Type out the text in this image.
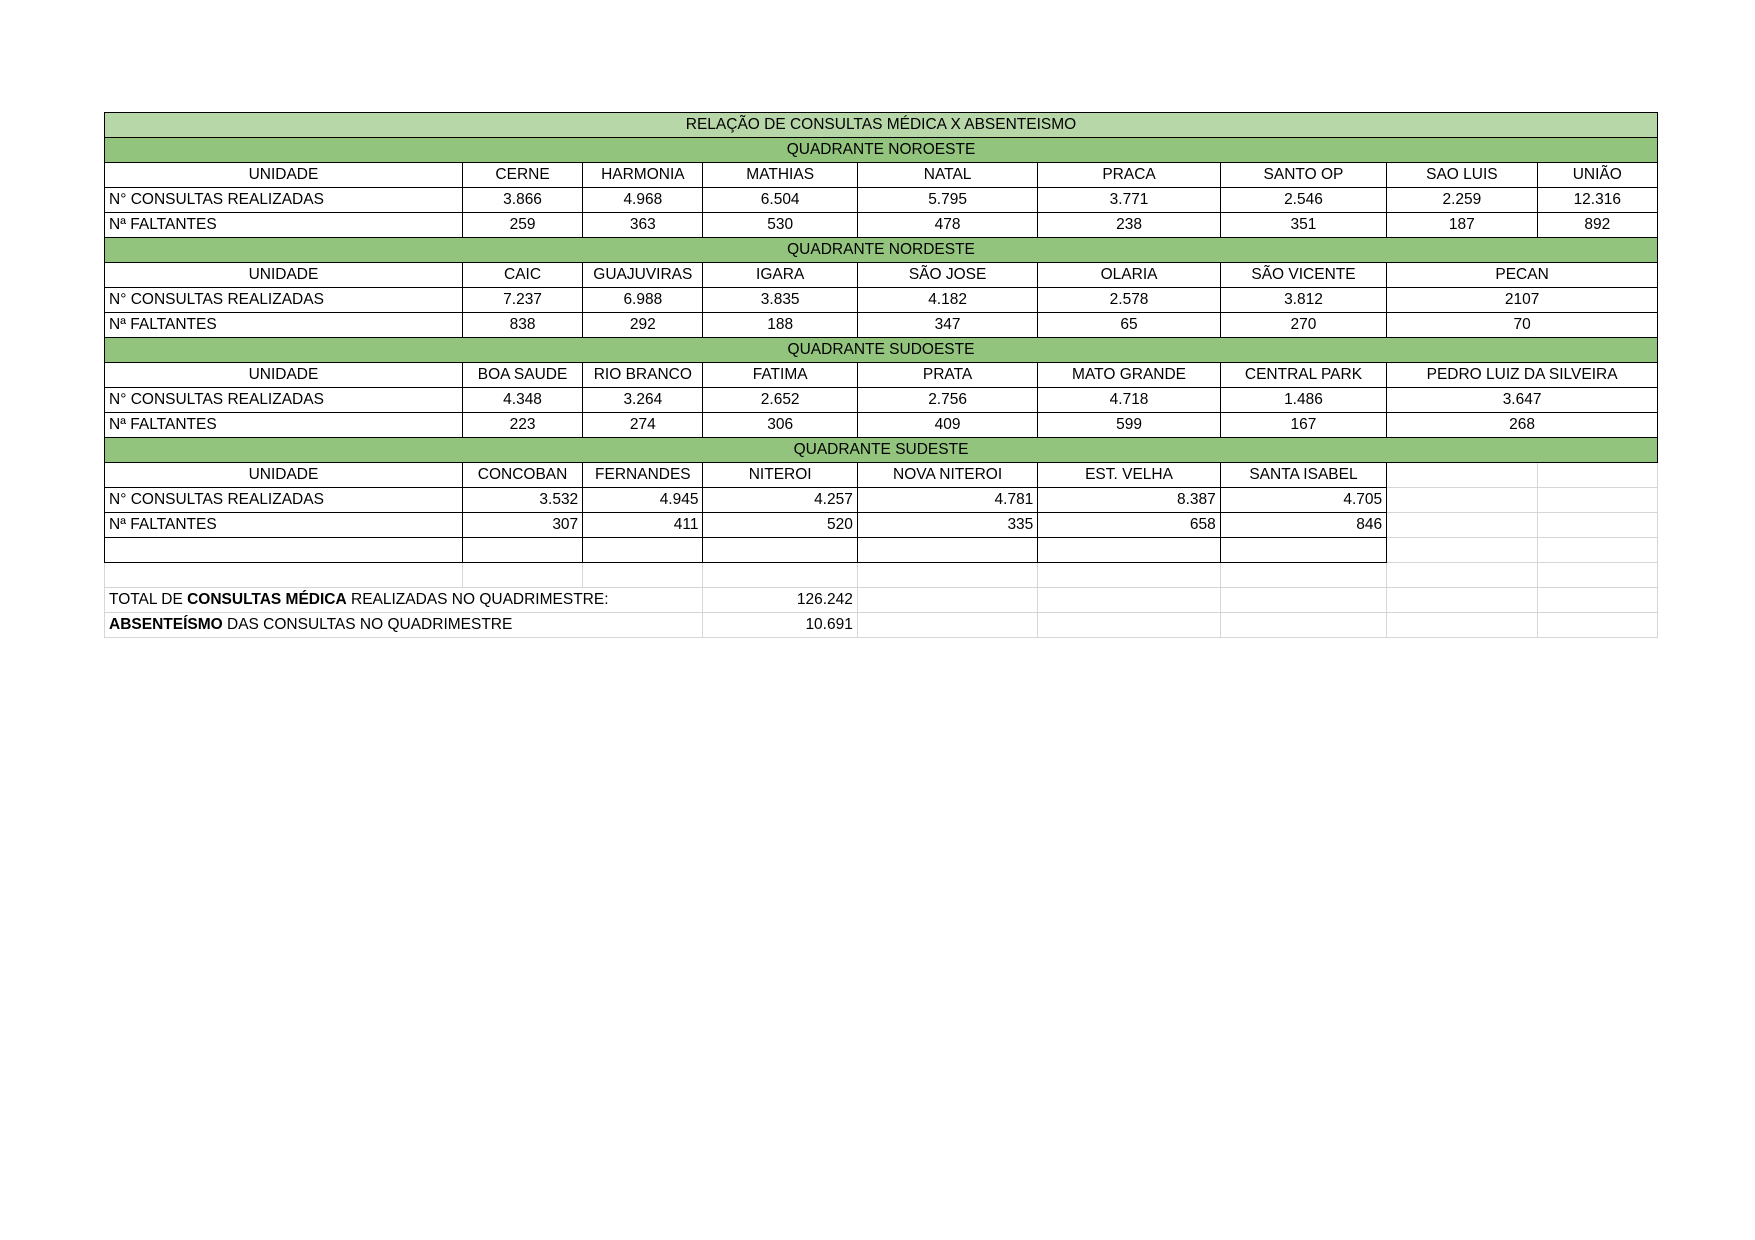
RELAÇÃO DE CONSULTAS MÉDICA X ABSENTEISMO								
QUADRANTE NOROESTE								
UNIDADE	CERNE	HARMONIA	MATHIAS	NATAL	PRACA	SANTO OP	SAO LUIS	UNIÃO
N° CONSULTAS REALIZADAS	3.866	4.968	6.504	5.795	3.771	2.546	2.259	12.316
Nª FALTANTES	259	363	530	478	238	351	187	892
QUADRANTE NORDESTE								
UNIDADE	CAIC	GUAJUVIRAS	IGARA	SÃO JOSE	OLARIA	SÃO VICENTE	PECAN	
N° CONSULTAS REALIZADAS	7.237	6.988	3.835	4.182	2.578	3.812	2107	
Nª FALTANTES	838	292	188	347	65	270	70	
QUADRANTE SUDOESTE								
UNIDADE	BOA SAUDE	RIO BRANCO	FATIMA	PRATA	MATO GRANDE	CENTRAL PARK	PEDRO LUIZ DA SILVEIRA	
N° CONSULTAS REALIZADAS	4.348	3.264	2.652	2.756	4.718	1.486	3.647	
Nª FALTANTES	223	274	306	409	599	167	268	
QUADRANTE SUDESTE								
UNIDADE	CONCOBAN	FERNANDES	NITEROI	NOVA NITEROI	EST. VELHA	SANTA ISABEL		
N° CONSULTAS REALIZADAS	3.532	4.945	4.257	4.781	8.387	4.705		
Nª FALTANTES	307	411	520	335	658	846		

TOTAL DE CONSULTAS MÉDICA REALIZADAS NO QUADRIMESTRE:			126.242					
ABSENTEÍSMO DAS CONSULTAS NO QUADRIMESTRE			10.691					
